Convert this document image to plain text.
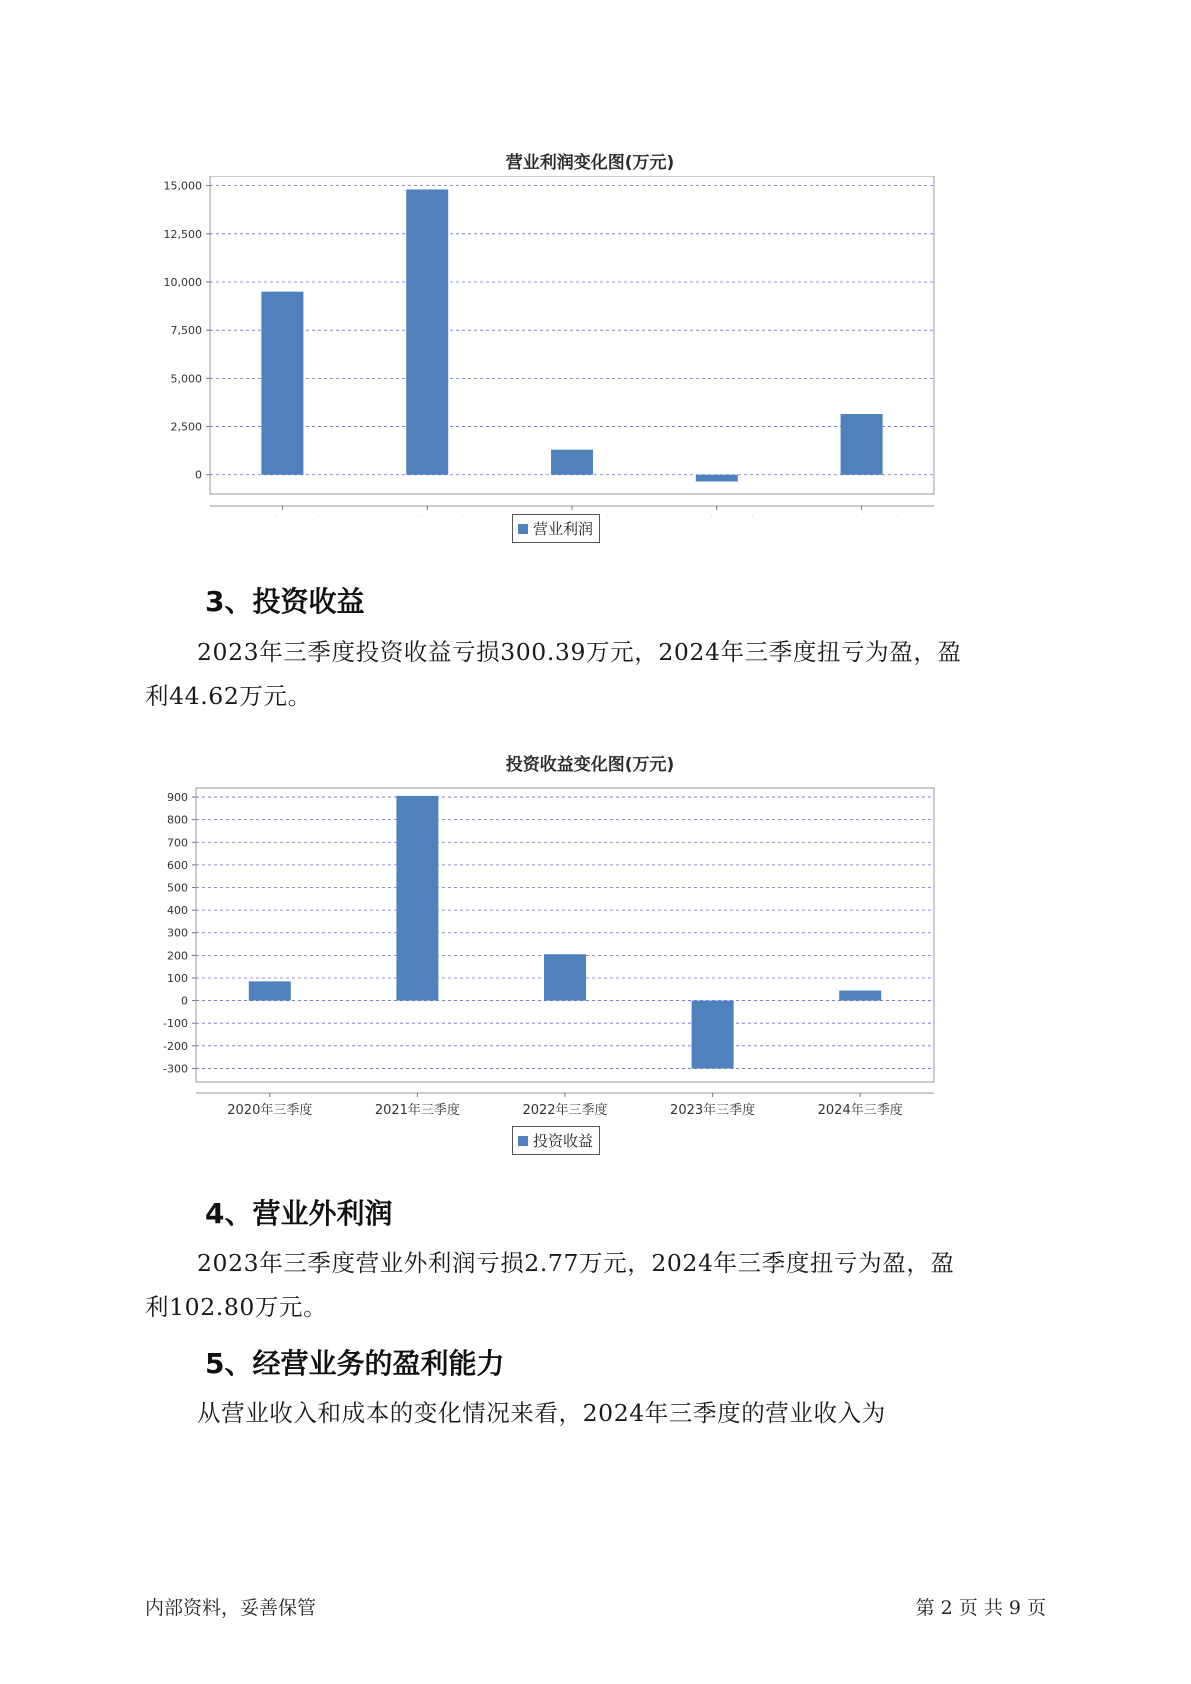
营业利润变化图(万元)
0
2,500
5,000
7,500
10,000
12,500
15,000
营业利润
3、投资收益
2023年三季度投资收益亏损300.39万元，2024年三季度扭亏为盈，盈
利44.62万元。
投资收益变化图(万元)
-300
-200
-100
0
100
200
300
400
500
600
700
800
900
2020年三季度	2021年三季度	2022年三季度	2023年三季度	2024年三季度
投资收益
4、营业外利润
2023年三季度营业外利润亏损2.77万元，2024年三季度扭亏为盈，盈
利102.80万元。
5、经营业务的盈利能力
从营业收入和成本的变化情况来看，2024年三季度的营业收入为
内部资料，妥善保管	第 2 页 共 9 页
